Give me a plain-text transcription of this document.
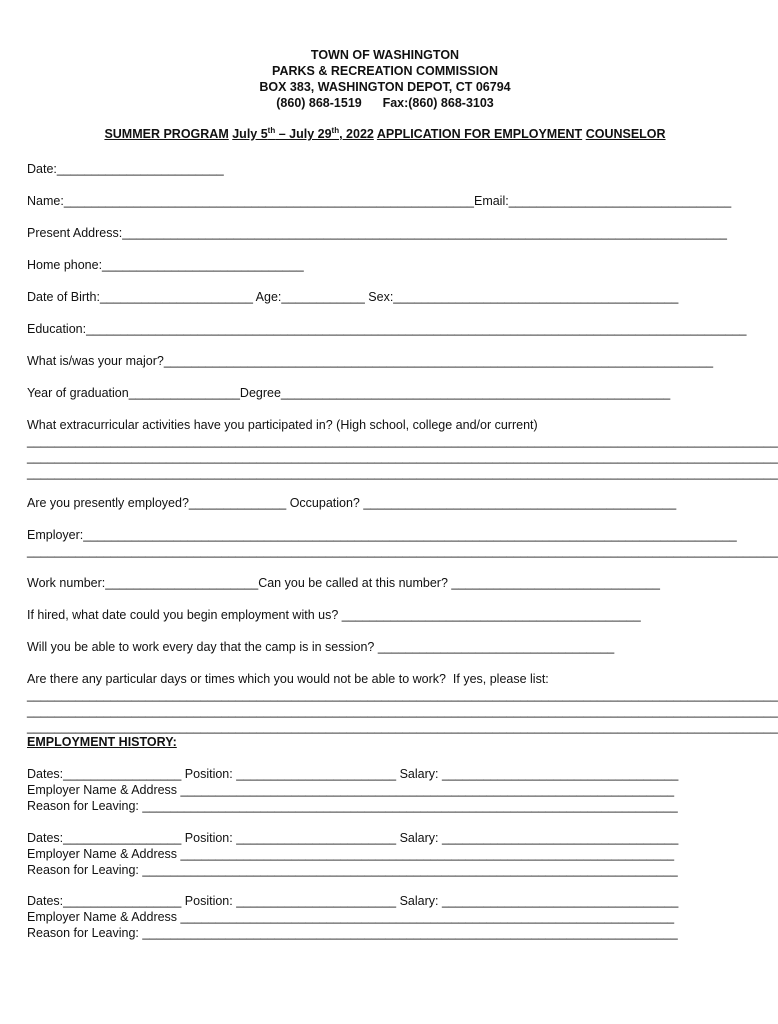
TOWN OF WASHINGTON
PARKS & RECREATION COMMISSION
BOX 383, WASHINGTON DEPOT, CT 06794
(860) 868-1519      Fax:(860) 868-3103
SUMMER PROGRAM July 5th – July 29th, 2022 APPLICATION FOR EMPLOYMENT COUNSELOR
Date:________________________
Name:___________________________________________________________Email:________________________________
Present Address:_______________________________________________________________________________________
Home phone:_____________________________
Date of Birth:______________________ Age:____________ Sex:_________________________________________
Education:_______________________________________________________________________________________________
What is/was your major?_______________________________________________________________________________
Year of graduation________________Degree________________________________________________________
What extracurricular activities have you participated in? (High school, college and/or current)
____________________________________________________________________________________________________________
____________________________________________________________________________________________________________
____________________________________________________________________________________________________________
Are you presently employed?______________ Occupation? _____________________________________________
Employer:______________________________________________________________________________________________
____________________________________________________________________________________________________________
Work number:______________________Can you be called at this number? ______________________________
If hired, what date could you begin employment with us? ___________________________________________
Will you be able to work every day that the camp is in session? __________________________________
Are there any particular days or times which you would not be able to work?  If yes, please list:
____________________________________________________________________________________________________________
____________________________________________________________________________________________________________
____________________________________________________________________________________________________________
EMPLOYMENT HISTORY:
Dates:_________________ Position: _______________________ Salary: __________________________________
Employer Name & Address _______________________________________________________________________
Reason for Leaving: _____________________________________________________________________________
Dates:_________________ Position: _______________________ Salary: __________________________________
Employer Name & Address _______________________________________________________________________
Reason for Leaving: _____________________________________________________________________________
Dates:_________________ Position: _______________________ Salary: __________________________________
Employer Name & Address _______________________________________________________________________
Reason for Leaving: _____________________________________________________________________________
